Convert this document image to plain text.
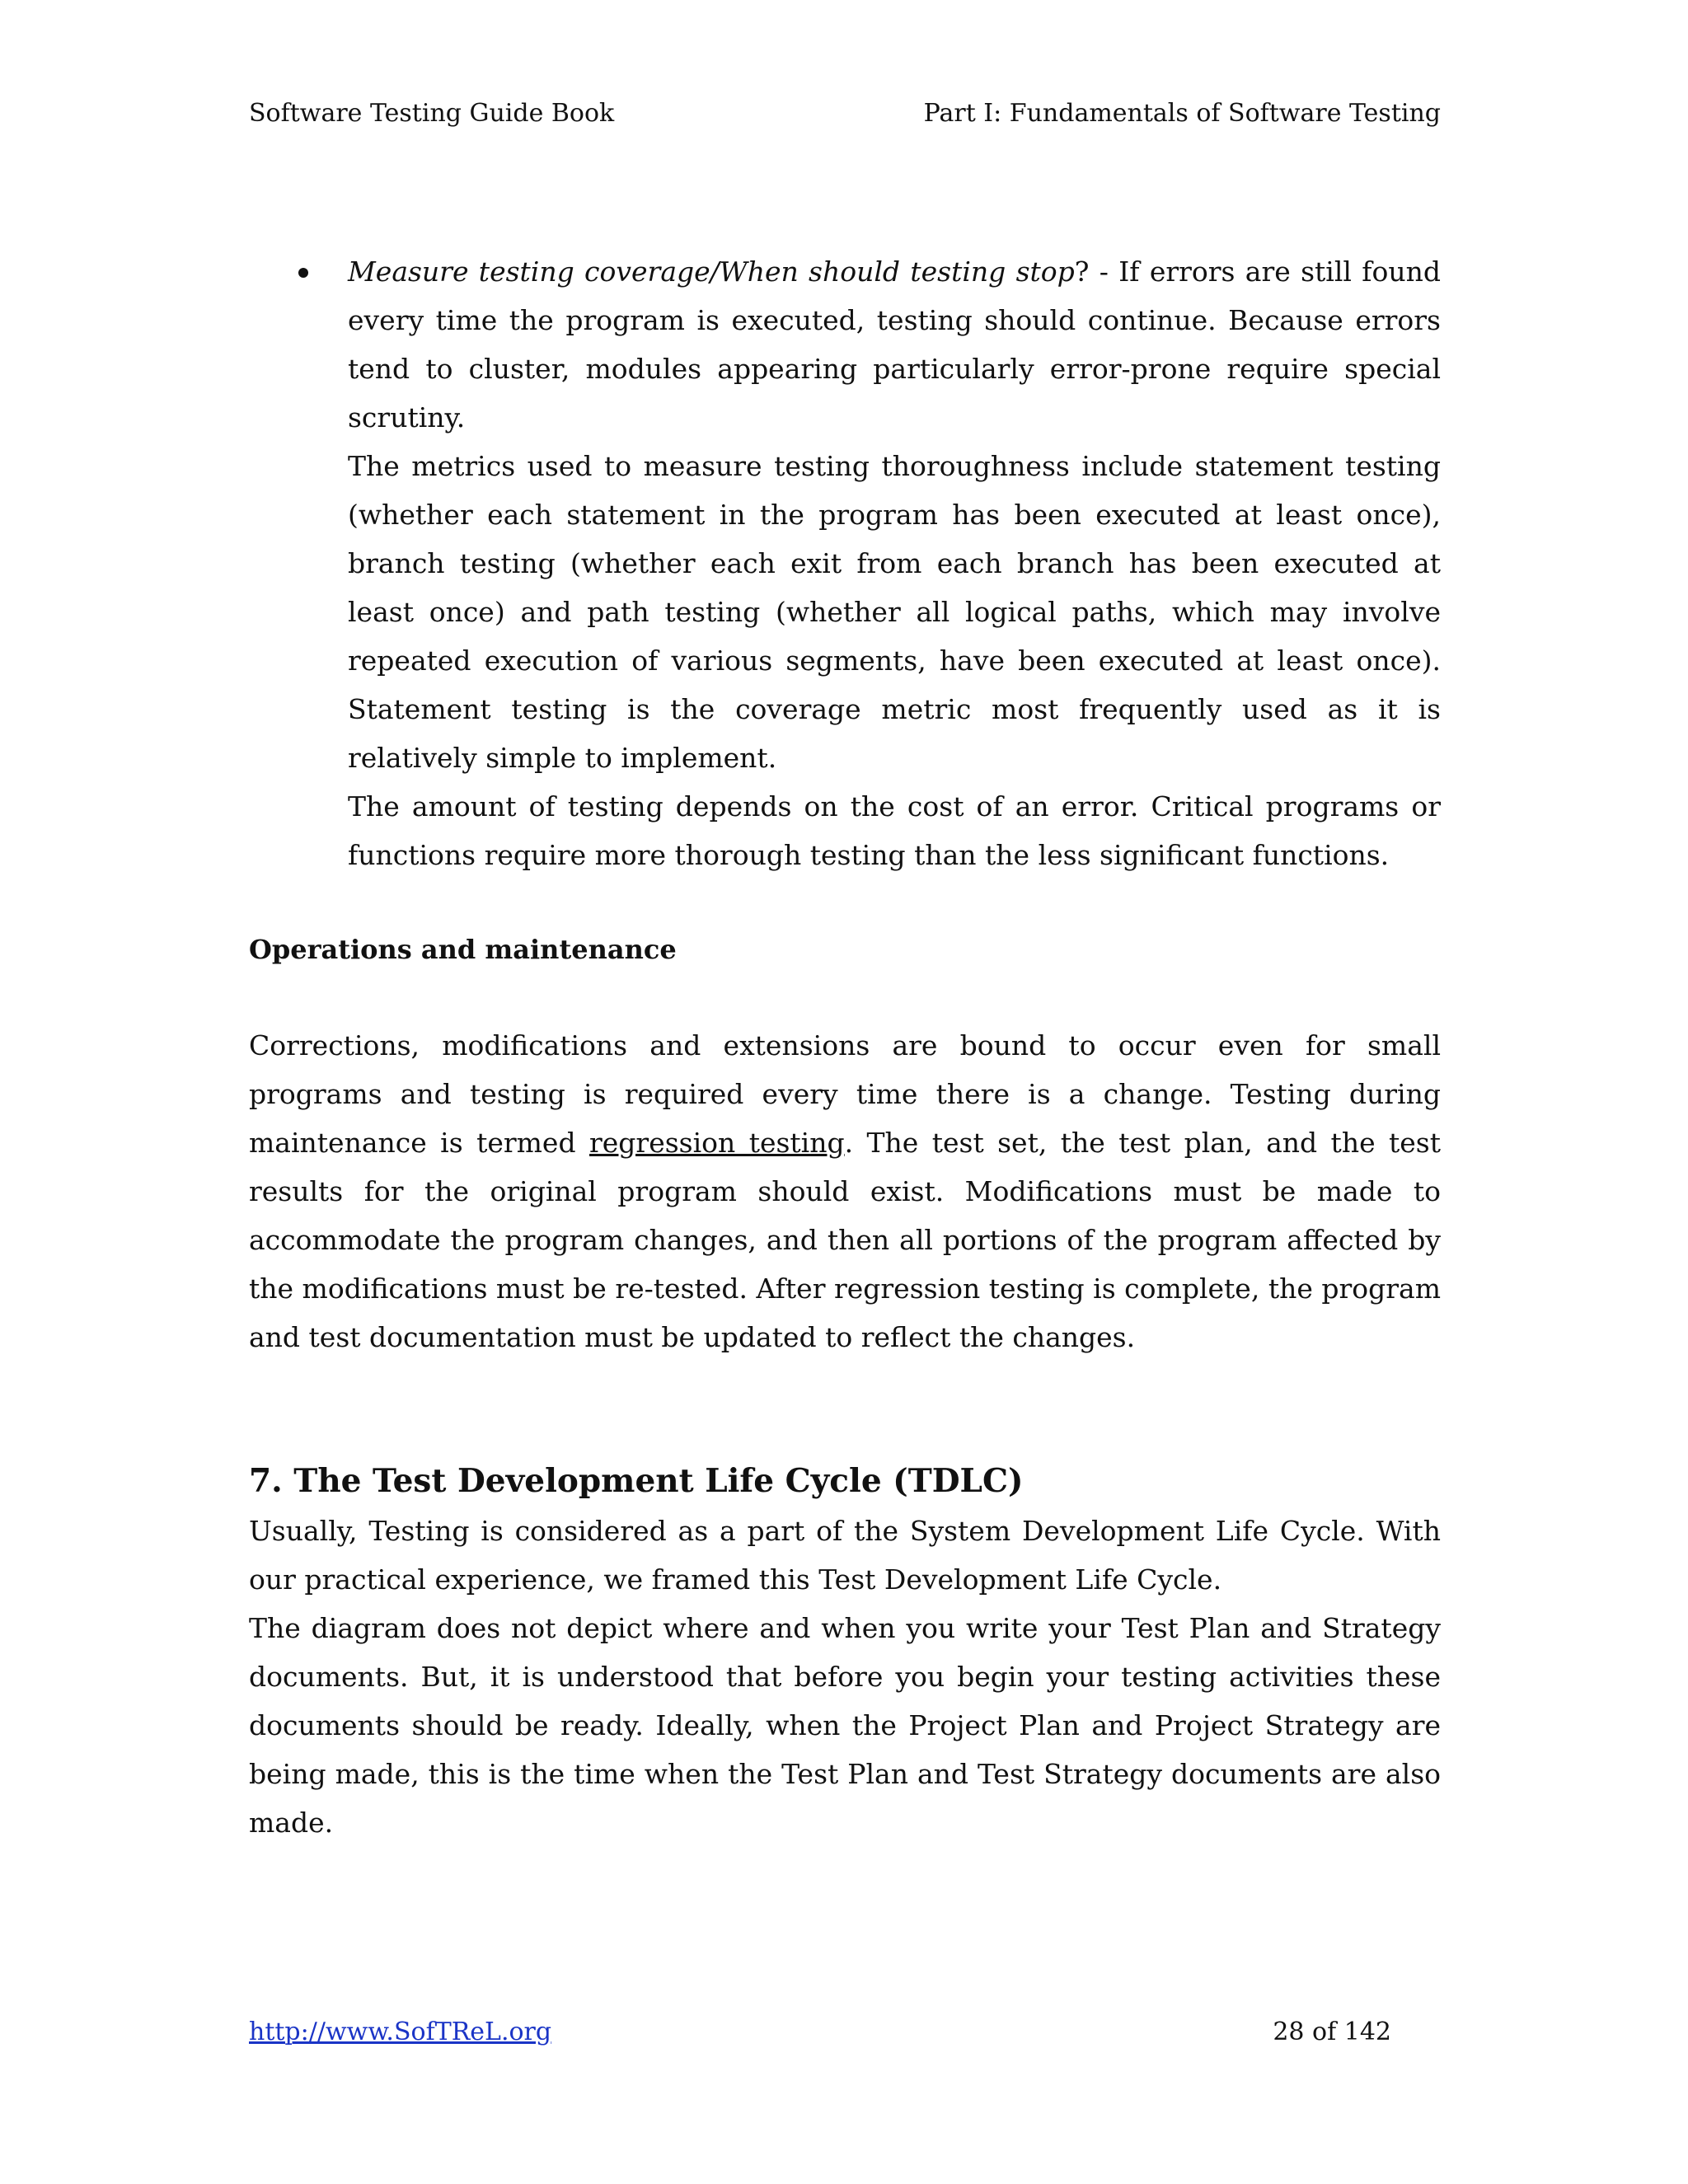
Software Testing Guide Book	Part I: Fundamentals of Software Testing

Measure testing coverage/When should testing stop? - If errors are still found every time the program is executed, testing should continue. Because errors tend to cluster, modules appearing particularly error-prone require special scrutiny.

The metrics used to measure testing thoroughness include statement testing (whether each statement in the program has been executed at least once), branch testing (whether each exit from each branch has been executed at least once) and path testing (whether all logical paths, which may involve repeated execution of various segments, have been executed at least once). Statement testing is the coverage metric most frequently used as it is relatively simple to implement.

The amount of testing depends on the cost of an error. Critical programs or functions require more thorough testing than the less significant functions.

Operations and maintenance

Corrections, modifications and extensions are bound to occur even for small programs and testing is required every time there is a change. Testing during maintenance is termed regression testing. The test set, the test plan, and the test results for the original program should exist. Modifications must be made to accommodate the program changes, and then all portions of the program affected by the modifications must be re-tested. After regression testing is complete, the program and test documentation must be updated to reflect the changes.

7. The Test Development Life Cycle (TDLC)

Usually, Testing is considered as a part of the System Development Life Cycle. With our practical experience, we framed this Test Development Life Cycle.

The diagram does not depict where and when you write your Test Plan and Strategy documents. But, it is understood that before you begin your testing activities these documents should be ready. Ideally, when the Project Plan and Project Strategy are being made, this is the time when the Test Plan and Test Strategy documents are also made.

http://www.SofTReL.org	28 of 142
